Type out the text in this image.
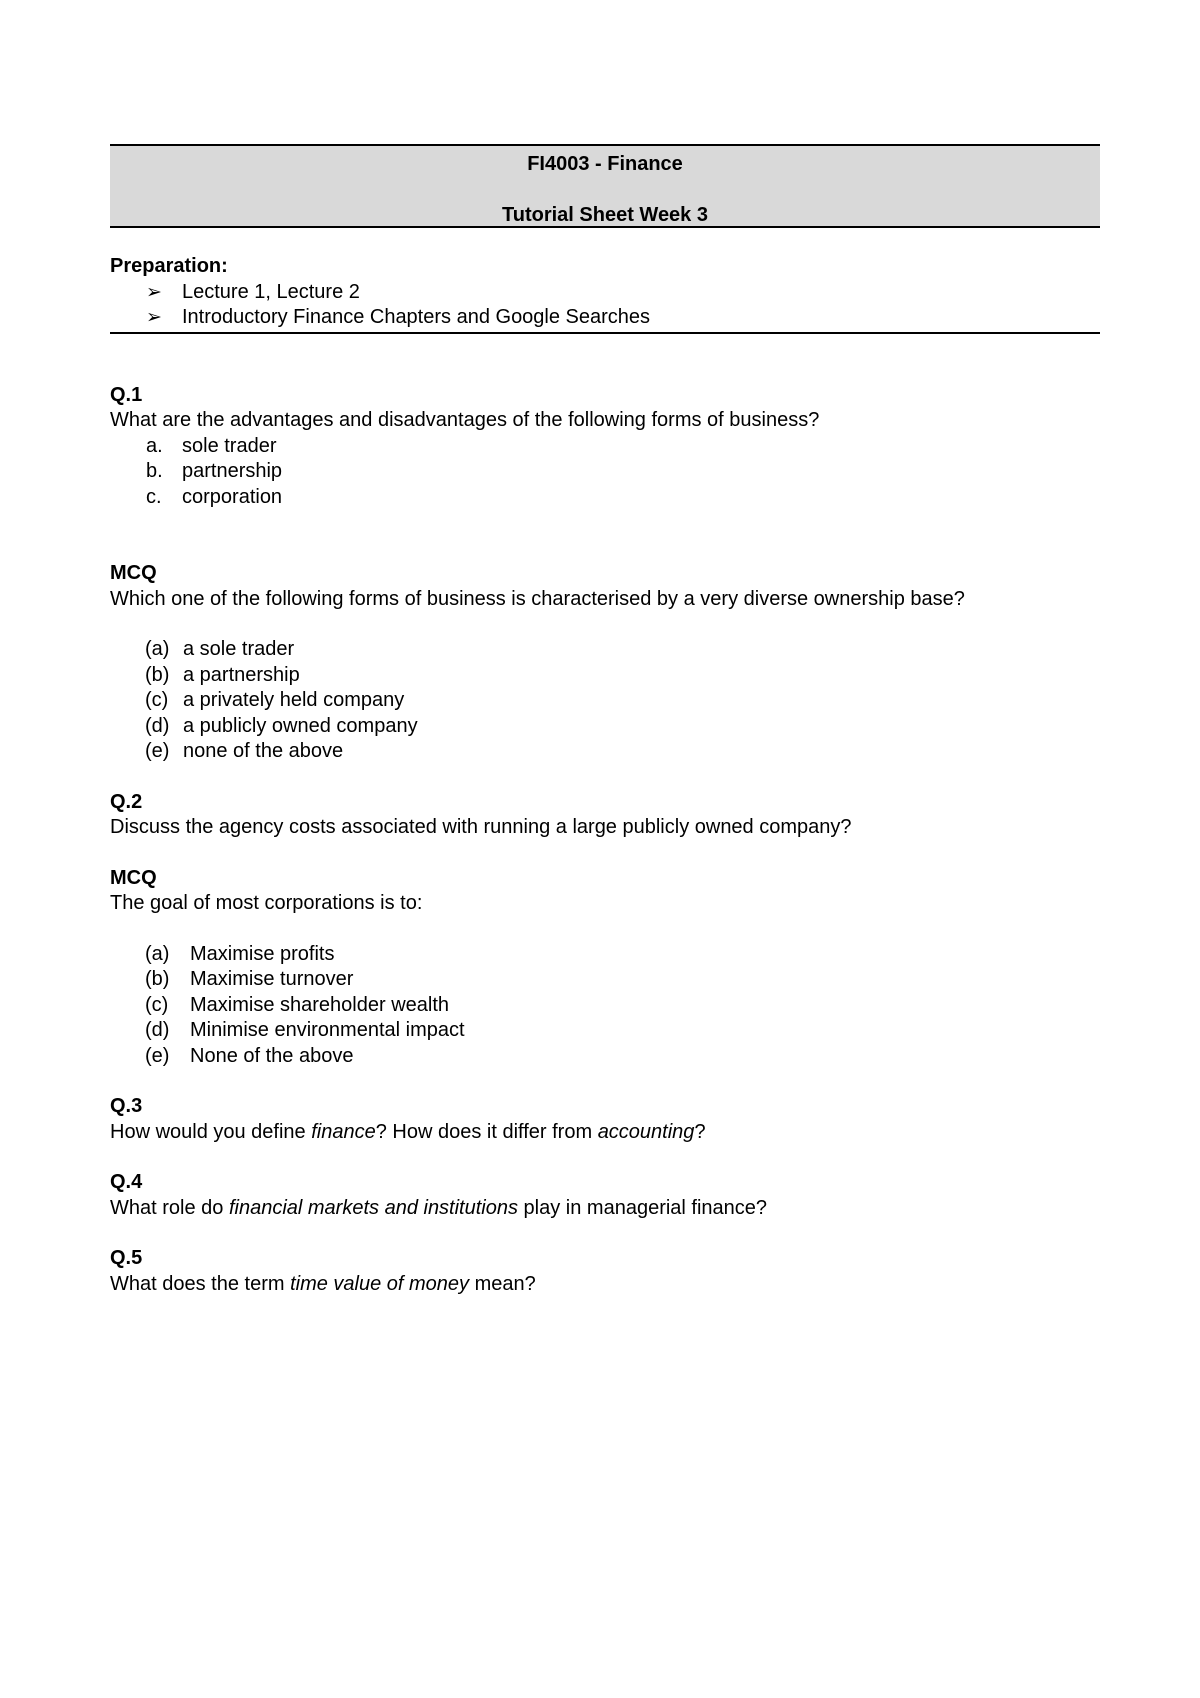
FI4003 - Finance
Tutorial Sheet Week 3
Preparation:
➢ Lecture 1, Lecture 2
➢ Introductory Finance Chapters and Google Searches
Q.1
What are the advantages and disadvantages of the following forms of business?
a. sole trader
b. partnership
c. corporation
MCQ
Which one of the following forms of business is characterised by a very diverse ownership base?
(a) a sole trader
(b) a partnership
(c) a privately held company
(d) a publicly owned company
(e) none of the above
Q.2
Discuss the agency costs associated with running a large publicly owned company?
MCQ
The goal of most corporations is to:
(a) Maximise profits
(b) Maximise turnover
(c) Maximise shareholder wealth
(d) Minimise environmental impact
(e) None of the above
Q.3
How would you define finance? How does it differ from accounting?
Q.4
What role do financial markets and institutions play in managerial finance?
Q.5
What does the term time value of money mean?
